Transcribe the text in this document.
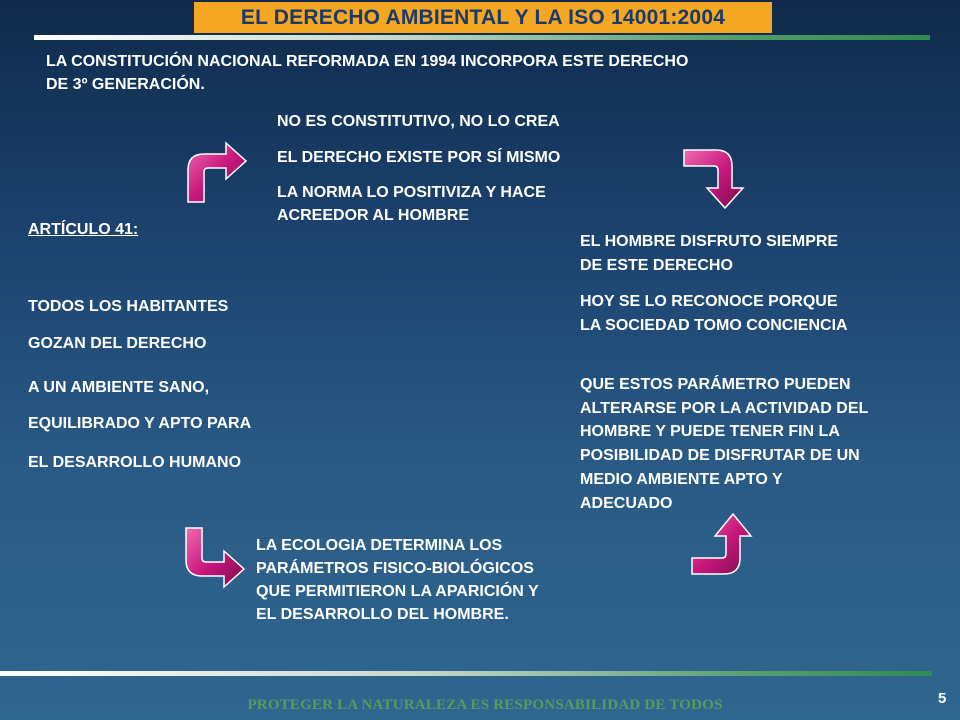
EL DERECHO AMBIENTAL Y LA ISO 14001:2004

LA CONSTITUCIÓN NACIONAL REFORMADA EN 1994 INCORPORA ESTE DERECHO

DE 3º GENERACIÓN.

NO ES CONSTITUTIVO, NO LO CREA

EL DERECHO EXISTE POR SÍ MISMO

LA NORMA LO POSITIVIZA Y HACE

ACREEDOR AL HOMBRE

ARTÍCULO 41:

TODOS LOS HABITANTES

GOZAN DEL DERECHO

A UN AMBIENTE SANO,

EQUILIBRADO Y APTO PARA

EL DESARROLLO HUMANO

EL HOMBRE DISFRUTO SIEMPRE

DE ESTE DERECHO

HOY SE LO RECONOCE PORQUE

LA SOCIEDAD TOMO CONCIENCIA

QUE ESTOS PARÁMETRO PUEDEN

ALTERARSE POR LA ACTIVIDAD DEL

HOMBRE Y PUEDE TENER FIN LA

POSIBILIDAD DE DISFRUTAR DE UN

MEDIO AMBIENTE APTO Y

ADECUADO

LA ECOLOGIA DETERMINA LOS

PARÁMETROS FISICO-BIOLÓGICOS

QUE PERMITIERON LA APARICIÓN Y

EL DESARROLLO DEL HOMBRE.

PROTEGER LA NATURALEZA ES RESPONSABILIDAD DE TODOS	5
